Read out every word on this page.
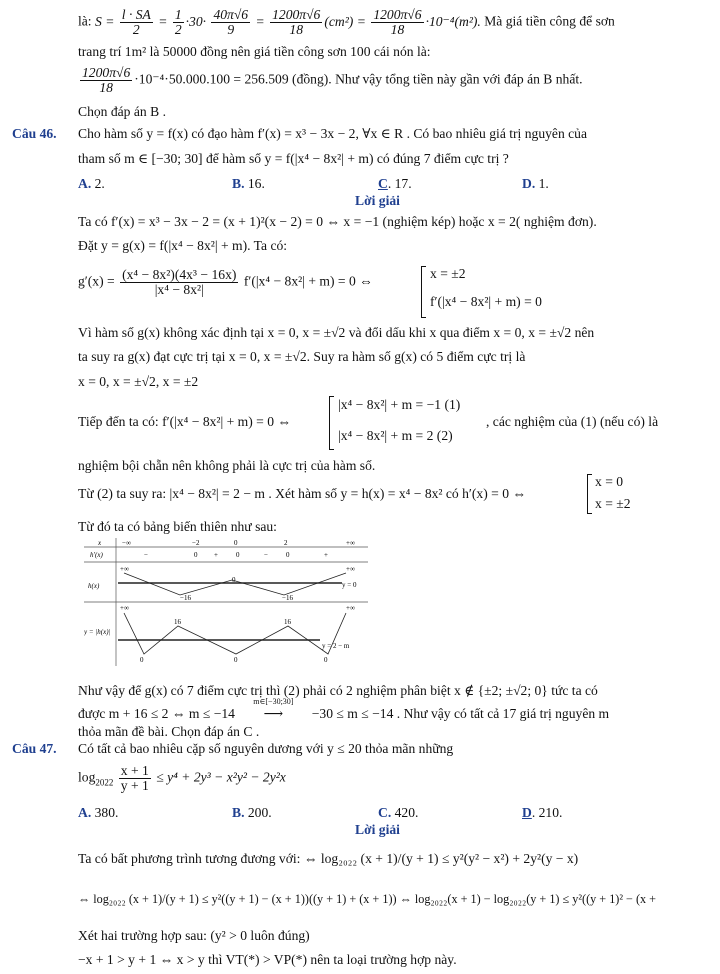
là: $S = \frac{l \cdot SA}{2} = \frac{1}{2} \cdot 30\cdot \frac{40\pi√6}{9} = \frac{1200\pi√6}{18} (cm^2) = \frac{1200\pi√6}{18} \cdot 10^{-4}(m^2)$. Mà giá tiền công để sơn
trang trí 1m² là 50000 đồng nên giá tiền công sơn 100 cái nón là:
$\frac{1200\pi√6}{18} \cdot 10^{-4}\cdot 50.000.100 = 256.509$ (đồng). Như vậy tổng tiền này gần với đáp án B nhất.
Chọn đáp án B .
Câu 46. Cho hàm số y = f(x) có đạo hàm f′(x) = x³ − 3x − 2, ∀x ∈ R . Có bao nhiêu giá trị nguyên của
tham số m ∈ [−30; 30] để hàm số y = f(|x⁴ − 8x²| + m) có đúng 7 điểm cực trị ?
A. 2.	B. 16.	C. 17.	D. 1.
Lời giải
Ta có f′(x) = x³ − 3x − 2 = (x + 1)²(x − 2) = 0 ⇔ x = −1 (nghiệm kép) hoặc x = 2( nghiệm đơn).
Đặt y = g(x) = f(|x⁴ − 8x²| + m). Ta có:
$g'(x) = \frac{\text{(x⁴ − 8x²)(4x³ − 16x)}}{\text{|x⁴ − 8x²|}} f'(|x^4 - 8x^2| + m) = 0$ ⇔
x = ±2
f′(|x⁴ − 8x²| + m) = 0
Vì hàm số g(x) không xác định tại x = 0, x = ±√2 và đổi dấu khi x qua điểm x = 0, x = ±√2 nên
ta suy ra g(x) đạt cực trị tại x = 0, x = ±√2. Suy ra hàm số g(x) có 5 điểm cực trị là
x = 0, x = ±√2, x = ±2
Tiếp đến ta có: f′(|x⁴ − 8x²| + m) = 0 ⇔
|x⁴ − 8x²| + m = −1 (1)
|x⁴ − 8x²| + m = 2 (2)
, các nghiệm của (1) (nếu có) là
nghiệm bội chẵn nên không phải là cực trị của hàm số.
Từ (2) ta suy ra: |x⁴ − 8x²| = 2 − m . Xét hàm số y = h(x) = x⁴ − 8x² có h′(x) = 0 ⇔
x = 0
x = ±2
Từ đó ta có bảng biến thiên như sau:
x	−∞	−2	0	2	+∞
h′(x)	−	0 +	0	−	0	+
h(x)
+∞	+∞
0
−16	−16
y = 0
y = |h(x)|
+∞	+∞
16	16
0	0	0
y = 2 − m
Như vậy để g(x) có 7 điểm cực trị thì (2) phải có 2 nghiệm phân biệt x ∉ {±2; ±√2; 0} tức ta có
được m + 16 ≤ 2 ⇔ m ≤ −14
m∈[−30;30]
⟶ −30 ≤ m ≤ −14 . Như vậy có tất cả 17 giá trị nguyên m
thỏa mãn đề bài. Chọn đáp án C .
Câu 47. Có tất cả bao nhiêu cặp số nguyên dương với y ≤ 20 thỏa mãn những
$\log_{2022} \frac{x + 1}{y + 1} \le y^4 + 2y^3 - x^2y^2 - 2y^2x$
A. 380.	B. 200.	C. 420.	D. 210.
Lời giải
Ta có bất phương trình tương đương với: ⇔ log₂₀₂₂ (x + 1)/(y + 1) ≤ y²(y² − x²) + 2y²(y − x)
⇔ log₂₀₂₂ (x + 1)/(y + 1) ≤ y²((y + 1) − (x + 1))((y + 1) + (x + 1)) ⇔ log₂₀₂₂(x + 1) − log₂₀₂₂(y + 1) ≤ y²((y + 1)² − (x +
Xét hai trường hợp sau: (y² > 0 luôn đúng)
−x + 1 > y + 1 ⇔ x > y thì VT(*) > VP(*) nên ta loại trường hợp này.
